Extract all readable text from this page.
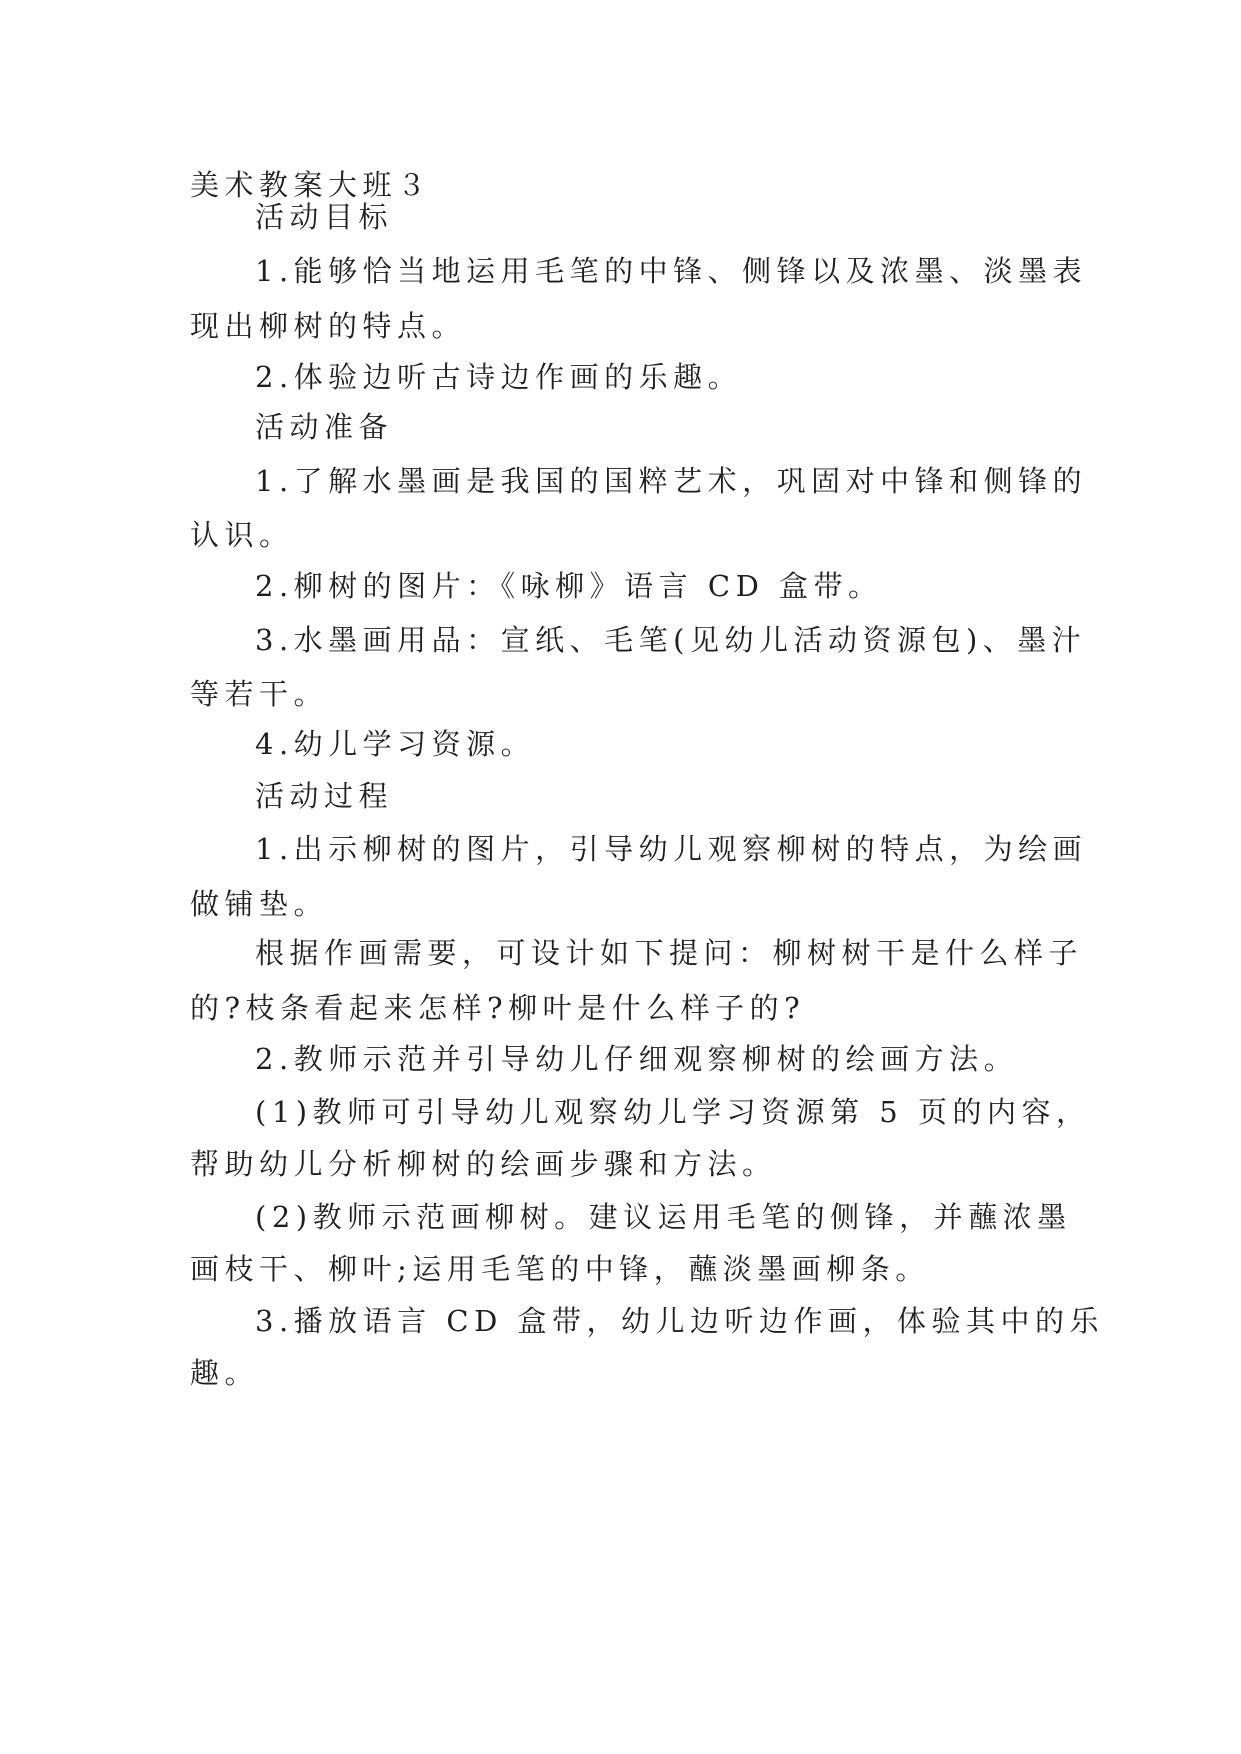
美术教案大班３

活动目标

1.能够恰当地运用毛笔的中锋、侧锋以及浓墨、淡墨表

现出柳树的特点。

2.体验边听古诗边作画的乐趣。

活动准备

1.了解水墨画是我国的国粹艺术，巩固对中锋和侧锋的

认识。

2.柳树的图片：《咏柳》语言 CD 盒带。

3.水墨画用品：宣纸、毛笔(见幼儿活动资源包)、墨汁

等若干。

4.幼儿学习资源。

活动过程

1.出示柳树的图片，引导幼儿观察柳树的特点，为绘画

做铺垫。

根据作画需要，可设计如下提问：柳树树干是什么样子

的?枝条看起来怎样?柳叶是什么样子的?

2.教师示范并引导幼儿仔细观察柳树的绘画方法。

(1)教师可引导幼儿观察幼儿学习资源第 5 页的内容，

帮助幼儿分析柳树的绘画步骤和方法。

(2)教师示范画柳树。建议运用毛笔的侧锋，并蘸浓墨

画枝干、柳叶;运用毛笔的中锋，蘸淡墨画柳条。

3.播放语言 CD 盒带，幼儿边听边作画，体验其中的乐

趣。
